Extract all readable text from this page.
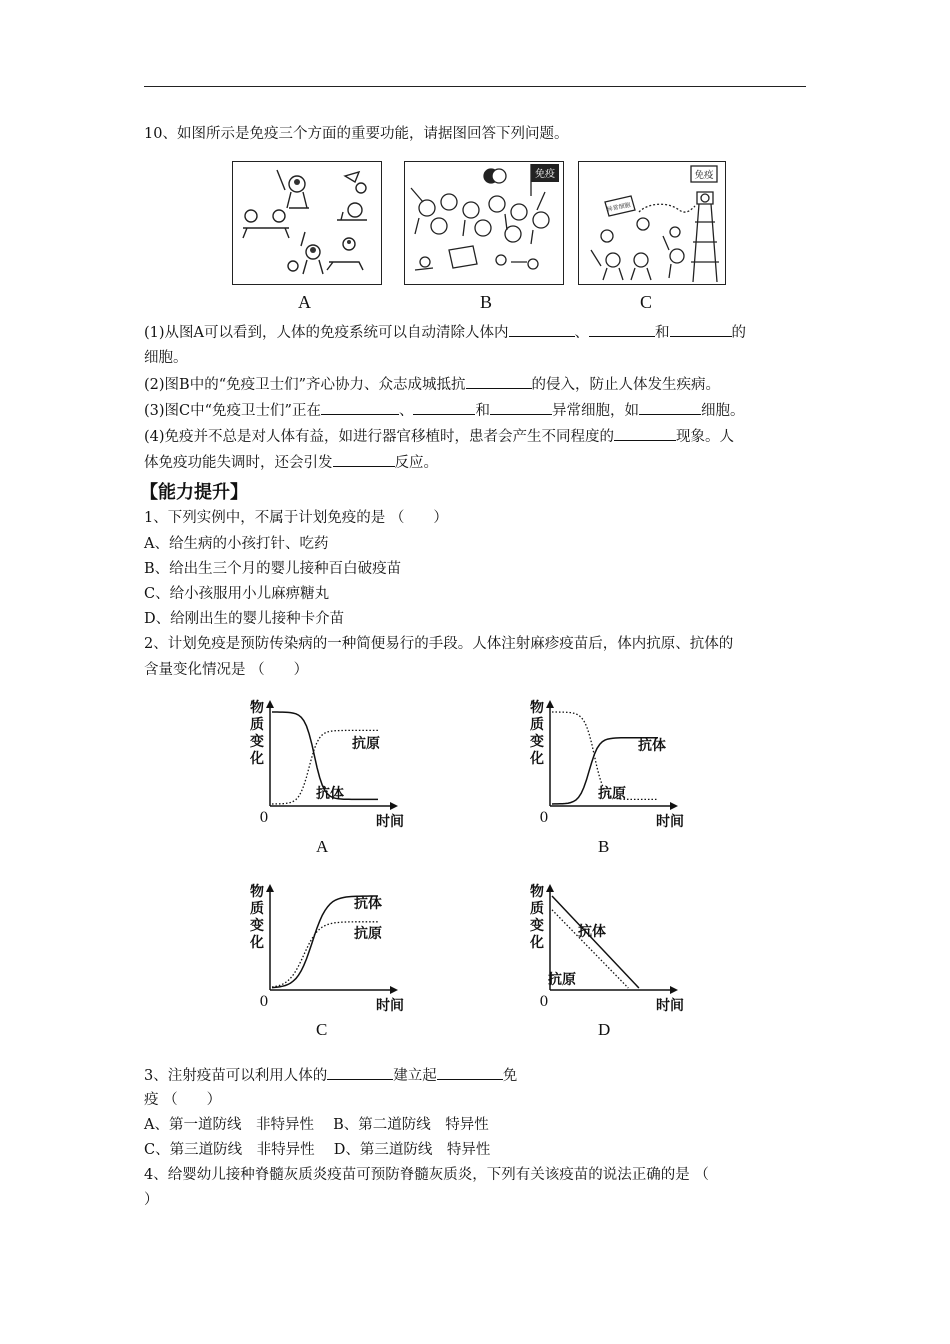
10、如图所示是免疫三个方面的重要功能，请据图回答下列问题。
免疫	免疫
异常细胞
A	B	C
(1)从图A可以看到，人体的免疫系统可以自动清除人体内	、	和	的
细胞。
(2)图B中的“免疫卫士们”齐心协力、众志成城抵抗	的侵入，防止人体发生疾病。
(3)图C中“免疫卫士们”正在	、	和	异常细胞，如	细胞。
(4)免疫并不总是对人体有益，如进行器官移植时，患者会产生不同程度的	现象。人
体免疫功能失调时，还会引发	反应。
【能力提升】
1、下列实例中，不属于计划免疫的是 （　　）
A、给生病的小孩打针、吃药
B、给出生三个月的婴儿接种百白破疫苗
C、给小孩服用小儿麻痹糖丸
D、给刚出生的婴儿接种卡介苗
2、计划免疫是预防传染病的一种简便易行的手段。人体注射麻疹疫苗后，体内抗原、抗体的
含量变化情况是 （　　）
物
质
变
化
0	时间
抗原
抗体
物
质
变
化
0	时间
抗体
抗原
物
质
变
化
0	时间
抗体
抗原
物
质
变
化
0	时间
抗体
抗原
A	B
C	D
3、注射疫苗可以利用人体的	建立起	免
疫 （　　）
A、第一道防线　非特异性　 B、第二道防线　特异性
C、第三道防线　非特异性　 D、第三道防线　特异性
4、给婴幼儿接种脊髓灰质炎疫苗可预防脊髓灰质炎，下列有关该疫苗的说法正确的是 （
）
